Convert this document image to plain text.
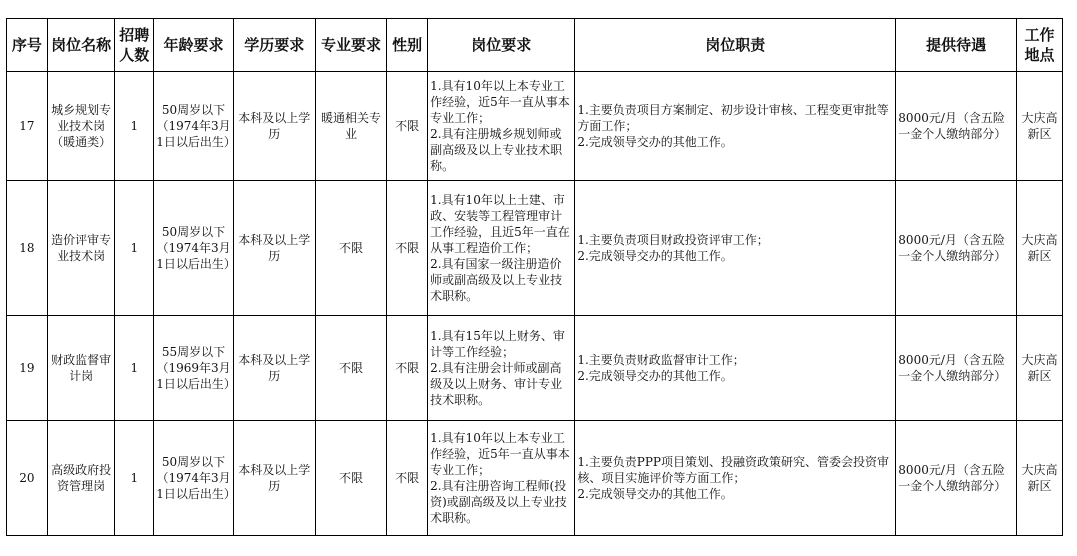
序号	岗位名称	招聘人数	年龄要求	学历要求	专业要求	性别	岗位要求	岗位职责	提供待遇	工作地点
17	城乡规划专业技术岗（暖通类）	1	50周岁以下（1974年3月1日以后出生）	本科及以上学历	暖通相关专业	不限	1.具有10年以上本专业工作经验，近5年一直从事本专业工作；
2.具有注册城乡规划师或副高级及以上专业技术职称。	1.主要负责项目方案制定、初步设计审核、工程变更审批等方面工作；
2.完成领导交办的其他工作。	8000元/月（含五险一金个人缴纳部分）	大庆高新区
18	造价评审专业技术岗	1	50周岁以下（1974年3月1日以后出生）	本科及以上学历	不限	不限	1.具有10年以上土建、市政、安装等工程管理审计工作经验，且近5年一直在从事工程造价工作；
2.具有国家一级注册造价师或副高级及以上专业技术职称。	1.主要负责项目财政投资评审工作；
2.完成领导交办的其他工作。	8000元/月（含五险一金个人缴纳部分）	大庆高新区
19	财政监督审计岗	1	55周岁以下（1969年3月1日以后出生）	本科及以上学历	不限	不限	1.具有15年以上财务、审计等工作经验；
2.具有注册会计师或副高级及以上财务、审计专业技术职称。	1.主要负责财政监督审计工作；
2.完成领导交办的其他工作。	8000元/月（含五险一金个人缴纳部分）	大庆高新区
20	高级政府投资管理岗	1	50周岁以下（1974年3月1日以后出生）	本科及以上学历	不限	不限	1.具有10年以上本专业工作经验，近5年一直从事本专业工作；
2.具有注册咨询工程师(投资)或副高级及以上专业技术职称。	1.主要负责PPP项目策划、投融资政策研究、管委会投资审核、项目实施评价等方面工作；
2.完成领导交办的其他工作。	8000元/月（含五险一金个人缴纳部分）	大庆高新区
